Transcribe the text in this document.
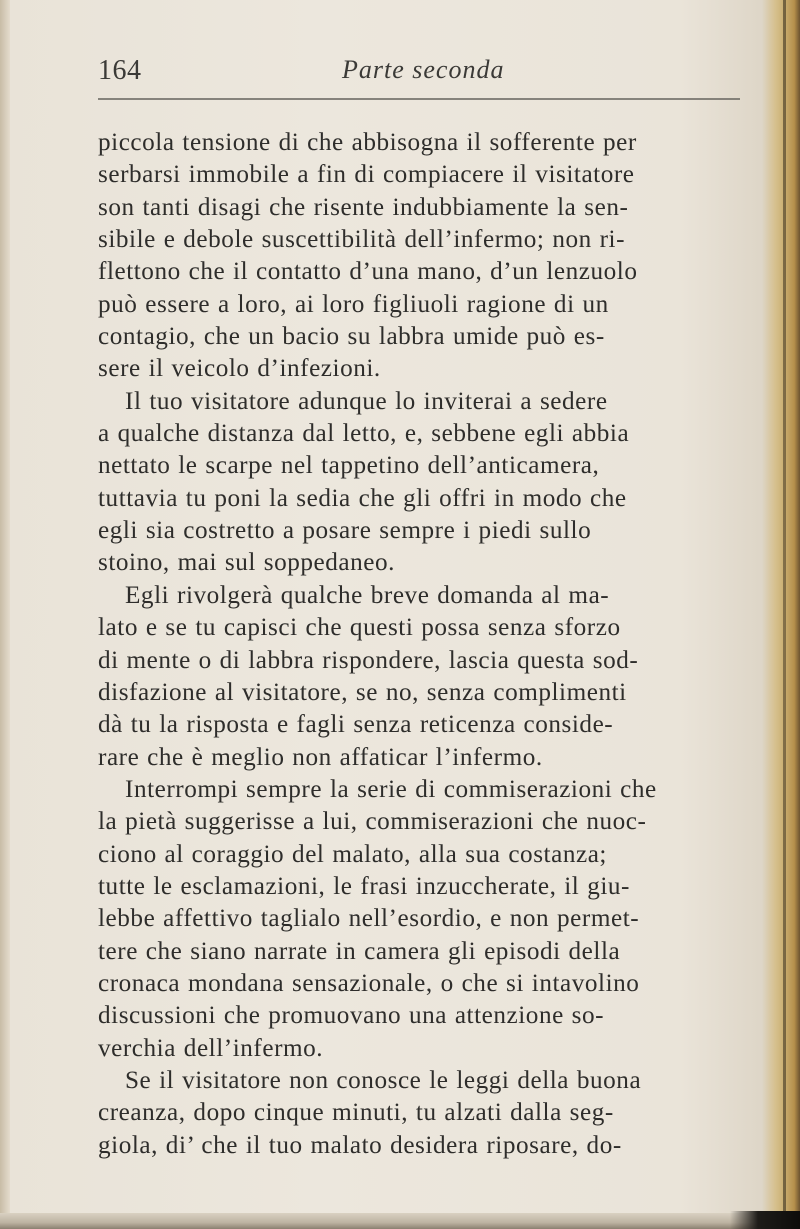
164	Parte seconda
piccola tensione di che abbisogna il sofferente per
serbarsi immobile a fin di compiacere il visitatore
son tanti disagi che risente indubbiamente la sen-
sibile e debole suscettibilità dell’infermo; non ri-
flettono che il contatto d’una mano, d’un lenzuolo
può essere a loro, ai loro figliuoli ragione di un
contagio, che un bacio su labbra umide può es-
sere il veicolo d’infezioni.
Il tuo visitatore adunque lo inviterai a sedere
a qualche distanza dal letto, e, sebbene egli abbia
nettato le scarpe nel tappetino dell’anticamera,
tuttavia tu poni la sedia che gli offri in modo che
egli sia costretto a posare sempre i piedi sullo
stoino, mai sul soppedaneo.
Egli rivolgerà qualche breve domanda al ma-
lato e se tu capisci che questi possa senza sforzo
di mente o di labbra rispondere, lascia questa sod-
disfazione al visitatore, se no, senza complimenti
dà tu la risposta e fagli senza reticenza conside-
rare che è meglio non affaticar l’infermo.
Interrompi sempre la serie di commiserazioni che
la pietà suggerisse a lui, commiserazioni che nuoc-
ciono al coraggio del malato, alla sua costanza;
tutte le esclamazioni, le frasi inzuccherate, il giu-
lebbe affettivo taglialo nell’esordio, e non permet-
tere che siano narrate in camera gli episodi della
cronaca mondana sensazionale, o che si intavolino
discussioni che promuovano una attenzione so-
verchia dell’infermo.
Se il visitatore non conosce le leggi della buona
creanza, dopo cinque minuti, tu alzati dalla seg-
giola, di’ che il tuo malato desidera riposare, do-
